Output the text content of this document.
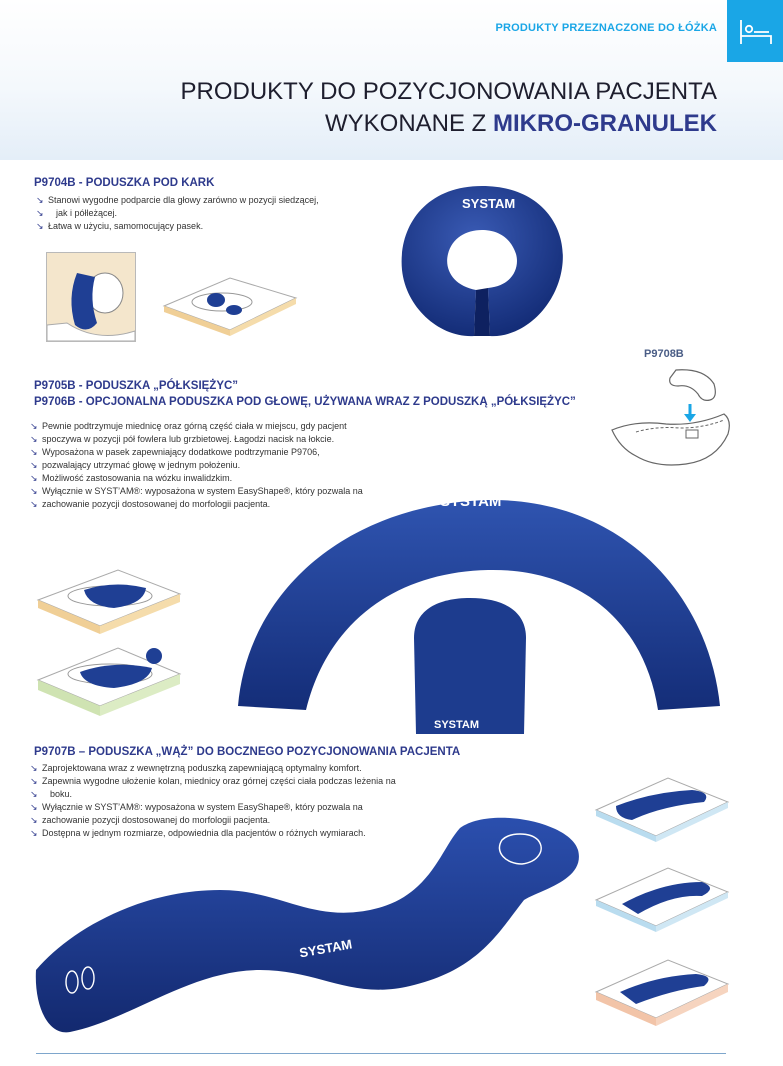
PRODUKTY PRZEZNACZONE DO ŁÓŻKA
PRODUKTY DO POZYCJONOWANIA PACJENTA
WYKONANE Z MIKRO-GRANULEK
P9704B - PODUSZKA POD KARK
↘ Stanowi wygodne podparcie dla głowy zarówno w pozycji siedzącej,
↘ jak i półleżącej.
↘ Łatwa w użyciu, samomocujący pasek.
SYSTAM
P9708B
P9705B - PODUSZKA „PÓŁKSIĘŻYC”
P9706B - OPCJONALNA PODUSZKA POD GŁOWĘ, UŻYWANA WRAZ Z PODUSZKĄ „PÓŁKSIĘŻYC”
↘ Pewnie podtrzymuje miednicę oraz górną część ciała w miejscu, gdy pacjent
↘ spoczywa w pozycji pół fowlera lub grzbietowej. Łagodzi nacisk na łokcie.
↘ Wyposażona w pasek zapewniający dodatkowe podtrzymanie P9706,
↘ pozwalający utrzymać głowę w jednym położeniu.
↘ Możliwość zastosowania na wózku inwalidzkim.
↘ Wyłącznie w SYST’AM®: wyposażona w system EasyShape®, który pozwala na
↘ zachowanie pozycji dostosowanej do morfologii pacjenta.	SYSTAM
SYSTAM
P9707B – PODUSZKA „WĄŻ” DO BOCZNEGO POZYCJONOWANIA PACJENTA
↘ Zaprojektowana wraz z wewnętrzną poduszką zapewniającą optymalny komfort.
↘ Zapewnia wygodne ułożenie kolan, miednicy oraz górnej części ciała podczas leżenia na
↘ boku.
↘ Wyłącznie w SYST’AM®: wyposażona w system EasyShape®, który pozwala na
↘ zachowanie pozycji dostosowanej do morfologii pacjenta.
↘ Dostępna w jednym rozmiarze, odpowiednia dla pacjentów o różnych wymiarach.
SYSTAM
